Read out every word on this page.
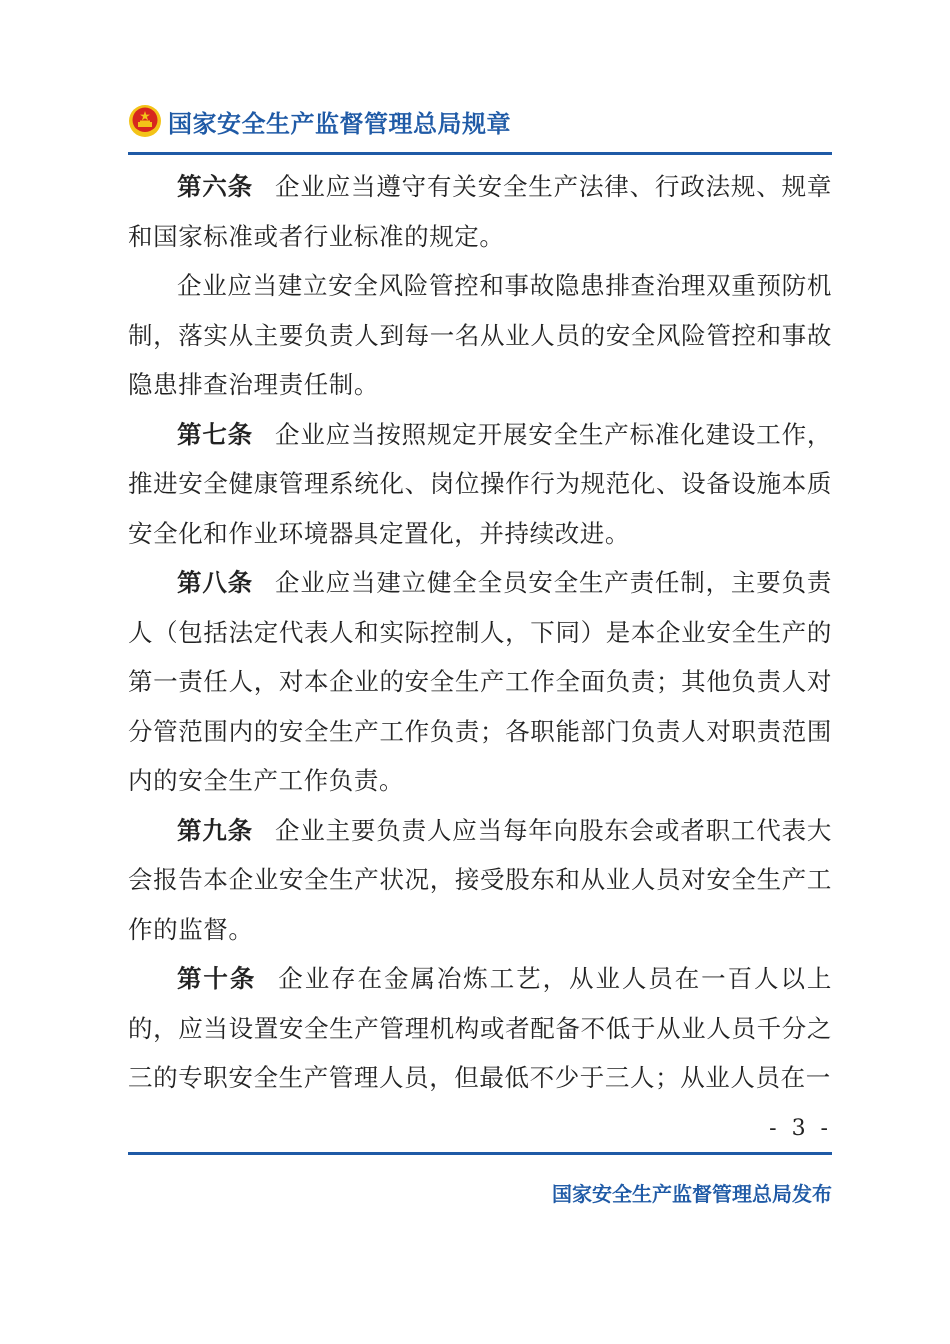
国家安全生产监督管理总局规章

第六条 企业应当遵守有关安全生产法律、行政法规、规章和国家标准或者行业标准的规定。

企业应当建立安全风险管控和事故隐患排查治理双重预防机制，落实从主要负责人到每一名从业人员的安全风险管控和事故隐患排查治理责任制。

第七条 企业应当按照规定开展安全生产标准化建设工作，推进安全健康管理系统化、岗位操作行为规范化、设备设施本质安全化和作业环境器具定置化，并持续改进。

第八条 企业应当建立健全全员安全生产责任制，主要负责人（包括法定代表人和实际控制人，下同）是本企业安全生产的第一责任人，对本企业的安全生产工作全面负责；其他负责人对分管范围内的安全生产工作负责；各职能部门负责人对职责范围内的安全生产工作负责。

第九条 企业主要负责人应当每年向股东会或者职工代表大会报告本企业安全生产状况，接受股东和从业人员对安全生产工作的监督。

第十条 企业存在金属冶炼工艺，从业人员在一百人以上的，应当设置安全生产管理机构或者配备不低于从业人员千分之三的专职安全生产管理人员，但最低不少于三人；从业人员在一

- 3 -
国家安全生产监督管理总局发布
